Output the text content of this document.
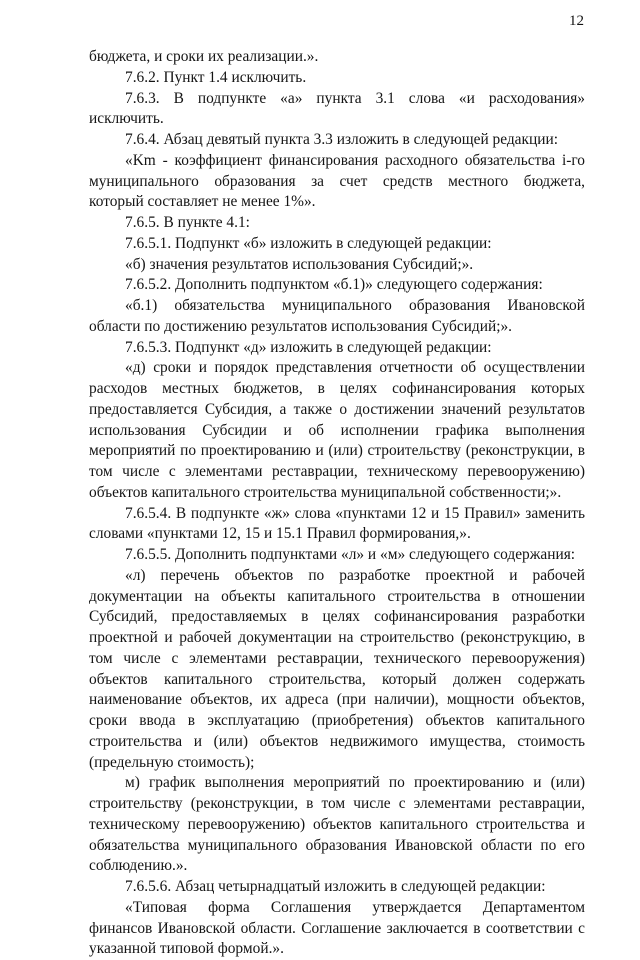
12
бюджета, и сроки их реализации.».
7.6.2. Пункт 1.4 исключить.
7.6.3. В подпункте «а» пункта 3.1 слова «и расходования»
исключить.
7.6.4. Абзац девятый пункта 3.3 изложить в следующей редакции:
«Km - коэффициент финансирования расходного обязательства i-го
муниципального образования за счет средств местного бюджета,
который составляет не менее 1%».
7.6.5. В пункте 4.1:
7.6.5.1. Подпункт «б» изложить в следующей редакции:
«б) значения результатов использования Субсидий;».
7.6.5.2. Дополнить подпунктом «б.1)» следующего содержания:
«б.1) обязательства муниципального образования Ивановской
области по достижению результатов использования Субсидий;».
7.6.5.3. Подпункт «д» изложить в следующей редакции:
«д) сроки и порядок представления отчетности об осуществлении
расходов местных бюджетов, в целях софинансирования которых
предоставляется Субсидия, а также о достижении значений результатов
использования Субсидии и об исполнении графика выполнения
мероприятий по проектированию и (или) строительству (реконструкции, в
том числе с элементами реставрации, техническому перевооружению)
объектов капитального строительства муниципальной собственности;».
7.6.5.4. В подпункте «ж» слова «пунктами 12 и 15 Правил» заменить
словами «пунктами 12, 15 и 15.1 Правил формирования,».
7.6.5.5. Дополнить подпунктами «л» и «м» следующего содержания:
«л) перечень объектов по разработке проектной и рабочей
документации на объекты капитального строительства в отношении
Субсидий, предоставляемых в целях софинансирования разработки
проектной и рабочей документации на строительство (реконструкцию, в
том числе с элементами реставрации, технического перевооружения)
объектов капитального строительства, который должен содержать
наименование объектов, их адреса (при наличии), мощности объектов,
сроки ввода в эксплуатацию (приобретения) объектов капитального
строительства и (или) объектов недвижимого имущества, стоимость
(предельную стоимость);
м) график выполнения мероприятий по проектированию и (или)
строительству (реконструкции, в том числе с элементами реставрации,
техническому перевооружению) объектов капитального строительства и
обязательства муниципального образования Ивановской области по его
соблюдению.».
7.6.5.6. Абзац четырнадцатый изложить в следующей редакции:
«Типовая форма Соглашения утверждается Департаментом
финансов Ивановской области. Соглашение заключается в соответствии с
указанной типовой формой.».
